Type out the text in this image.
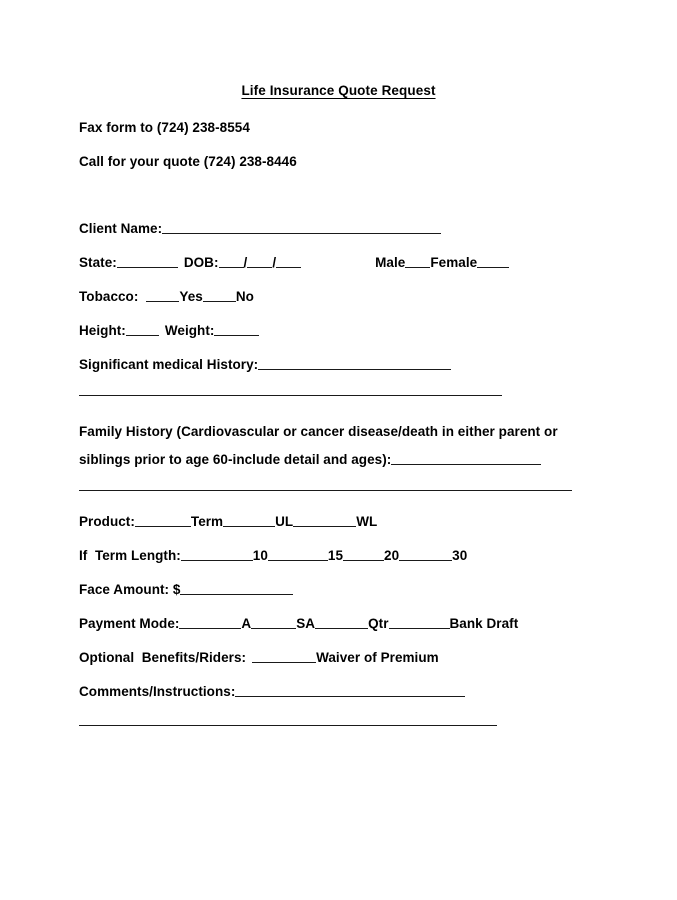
Life Insurance Quote Request
Fax form to (724) 238-8554
Call for your quote (724) 238-8446
Client Name:
State:	DOB: / /	Male Female
Tobacco:	Yes No
Height:	Weight:
Significant medical History:
Family History (Cardiovascular or cancer disease/death in either parent or siblings prior to age 60-include detail and ages):
Product:	Term	UL	WL
If  Term Length:	10	15	20	30
Face Amount: $
Payment Mode:	A	SA	Qtr	Bank Draft
Optional  Benefits/Riders:	Waiver of Premium
Comments/Instructions:
